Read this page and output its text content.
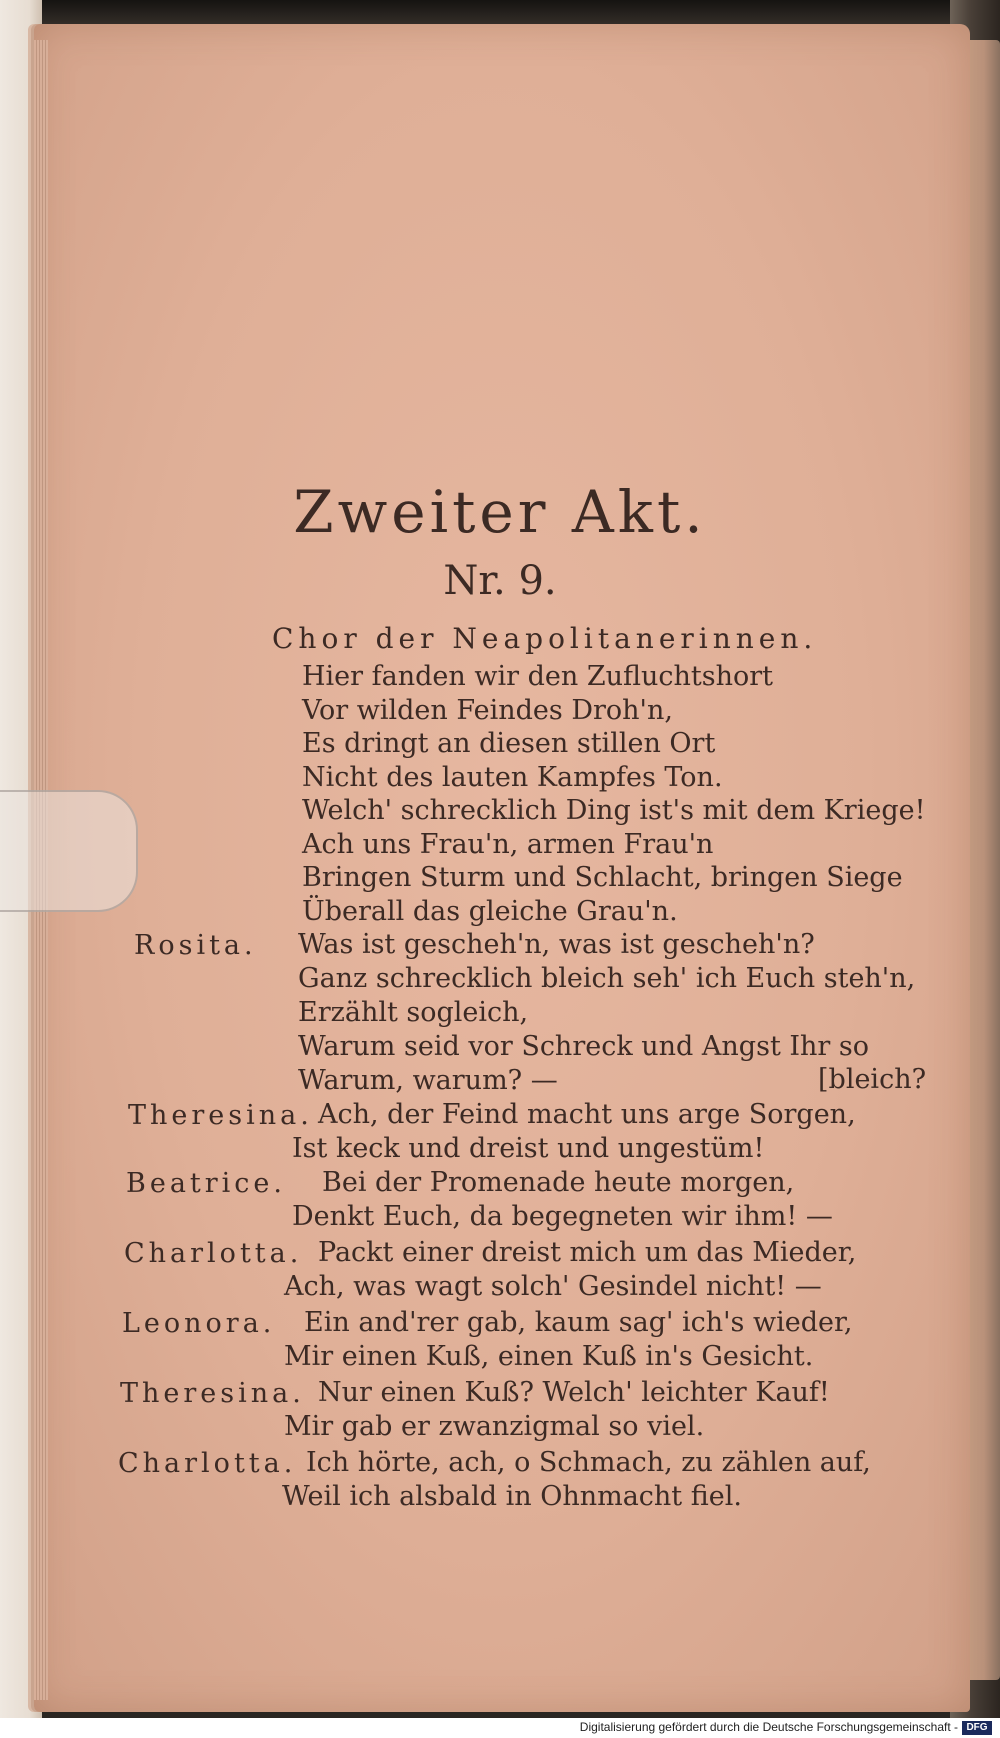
Zweiter Akt.
Nr. 9.
Chor der Neapolitanerinnen.
Hier fanden wir den Zufluchtshort
Vor wilden Feindes Droh'n,
Es dringt an diesen stillen Ort
Nicht des lauten Kampfes Ton.
Welch' schrecklich Ding ist's mit dem Kriege!
Ach uns Frau'n, armen Frau'n
Bringen Sturm und Schlacht, bringen Siege
Überall das gleiche Grau'n.
Rosita. Was ist gescheh'n, was ist gescheh'n?
Ganz schrecklich bleich seh' ich Euch steh'n,
Erzählt sogleich,
Warum seid vor Schreck und Angst Ihr so
Warum, warum? —	[bleich?
Theresina. Ach, der Feind macht uns arge Sorgen,
Ist keck und dreist und ungestüm!
Beatrice. Bei der Promenade heute morgen,
Denkt Euch, da begegneten wir ihm! —
Charlotta. Packt einer dreist mich um das Mieder,
Ach, was wagt solch' Gesindel nicht! —
Leonora. Ein and'rer gab, kaum sag' ich's wieder,
Mir einen Kuß, einen Kuß in's Gesicht.
Theresina. Nur einen Kuß? Welch' leichter Kauf!
Mir gab er zwanzigmal so viel.
Charlotta. Ich hörte, ach, o Schmach, zu zählen auf,
Weil ich alsbald in Ohnmacht fiel.
Digitalisierung gefördert durch die Deutsche Forschungsgemeinschaft - DFG
